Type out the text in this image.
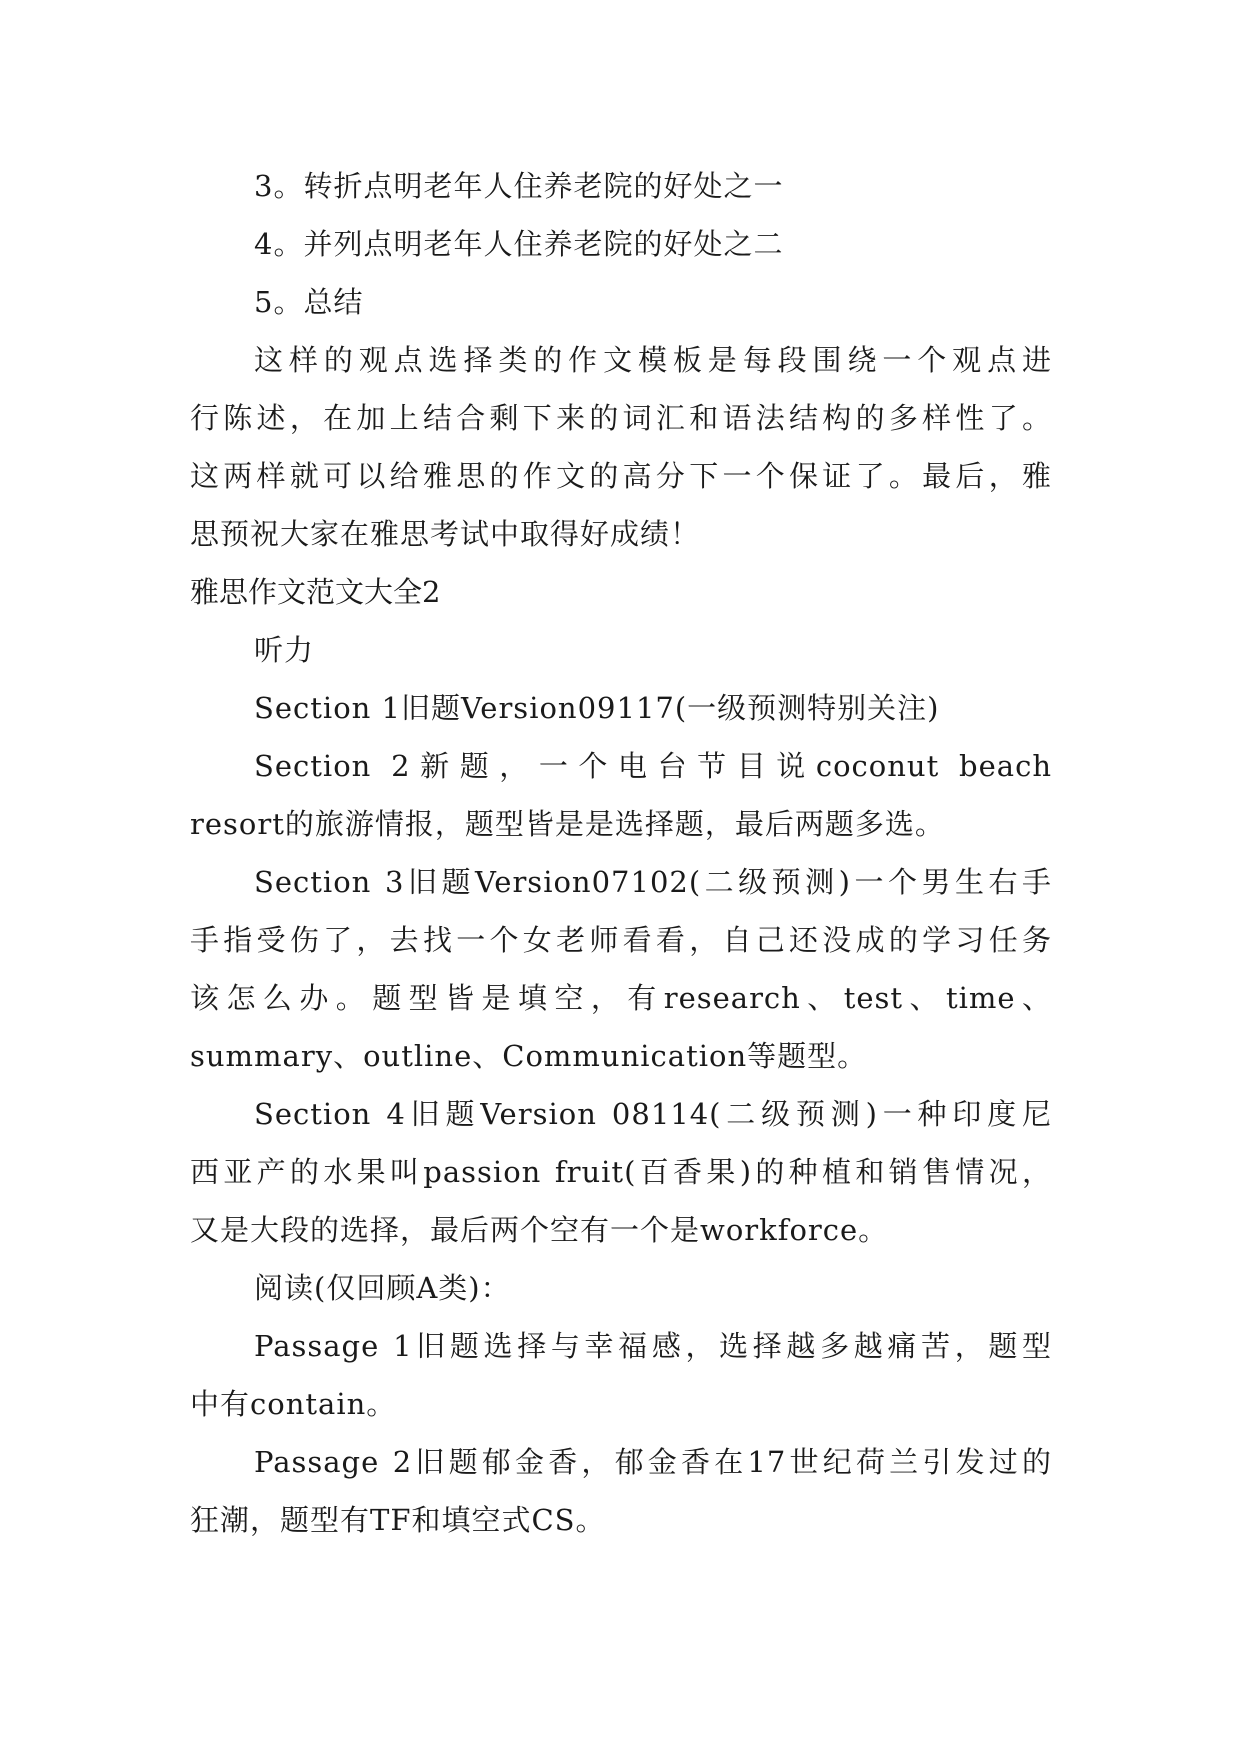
3。转折点明老年人住养老院的好处之一
4。并列点明老年人住养老院的好处之二
5。总结
这样的观点选择类的作文模板是每段围绕一个观点进
行陈述，在加上结合剩下来的词汇和语法结构的多样性了。
这两样就可以给雅思的作文的高分下一个保证了。最后，雅
思预祝大家在雅思考试中取得好成绩！
雅思作文范文大全2
听力
Section 1旧题Version09117(一级预测特别关注)
Section 2新题，一个电台节目说coconut beach
resort的旅游情报，题型皆是是选择题，最后两题多选。
Section 3旧题Version07102(二级预测)一个男生右手
手指受伤了，去找一个女老师看看，自己还没成的学习任务
该怎么办。题型皆是填空，有research、test、time、
summary、outline、Communication等题型。
Section 4旧题Version 08114(二级预测)一种印度尼
西亚产的水果叫passion fruit(百香果)的种植和销售情况，
又是大段的选择，最后两个空有一个是workforce。
阅读(仅回顾A类)：
Passage 1旧题选择与幸福感，选择越多越痛苦，题型
中有contain。
Passage 2旧题郁金香，郁金香在17世纪荷兰引发过的
狂潮，题型有TF和填空式CS。
